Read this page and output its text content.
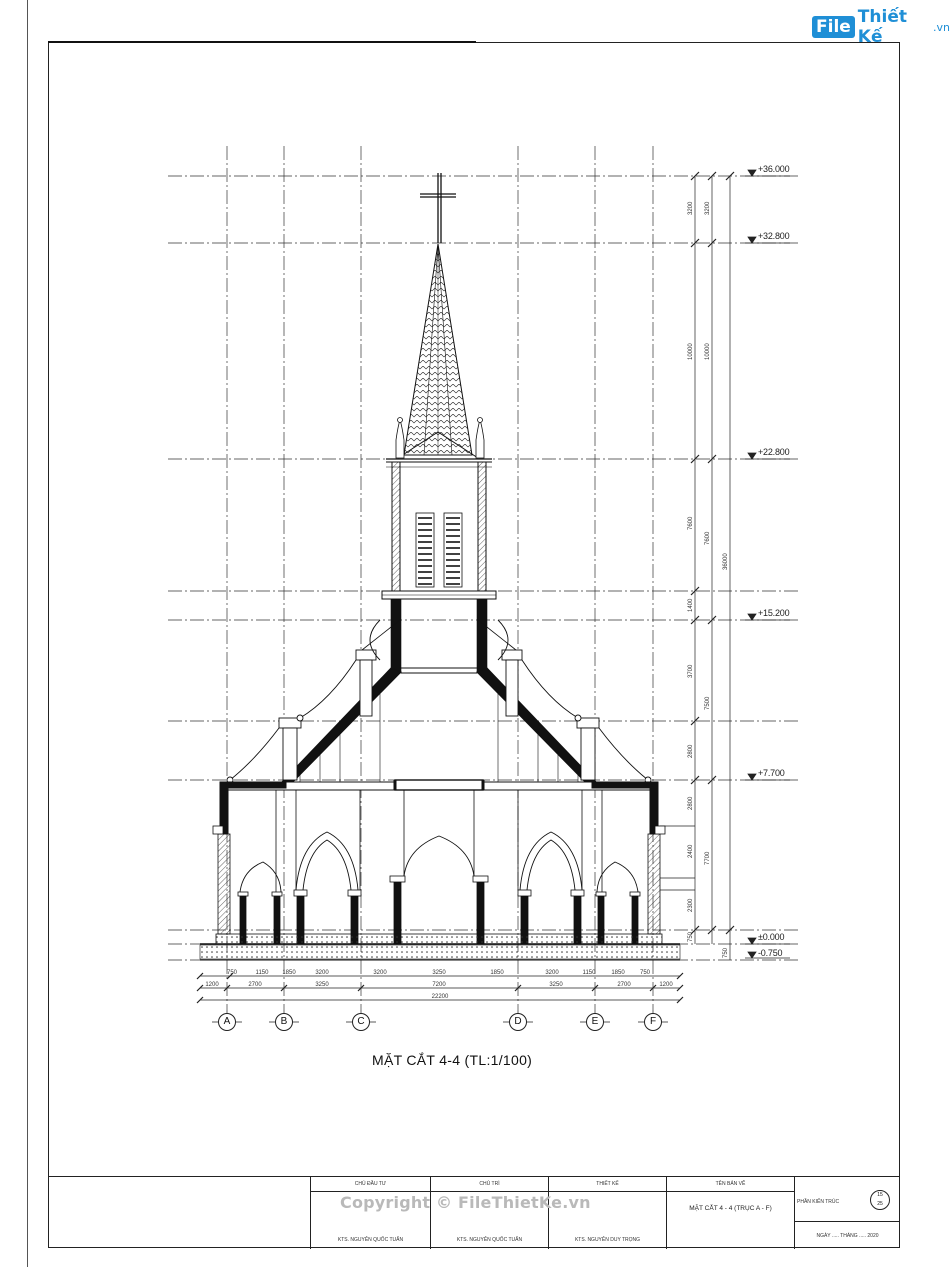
File Thiết Kế	.vn
3200 3200
10000 10000
7600
7600
36000
1400
3700
7500
2800
2800
2400
7700
2300
750
750
750	1150 1850	3200	3200	3250	1850	3200	1150	1850	750
1200	2700	3250	7200	3250	2700	1200
22200
+36.000
+32.800
+22.800
+15.200
+7.700
±0.000
-0.750
A	B	C	D	E	F
MẶT CẮT 4-4 (TL:1/100)
CHỦ ĐẦU TƯ
KTS. NGUYỄN QUỐC TUẤN
CHỦ TRÌ
KTS. NGUYỄN QUỐC TUẤN
THIẾT KẾ
KTS. NGUYỄN DUY TRỌNG
TÊN BẢN VẼ
MẶT CẮT 4 - 4 (TRỤC A - F)
PHẦN KIẾN TRÚC
NGÀY ..... THÁNG ..... 2020
15
25
Copyright © FileThietKe.vn
